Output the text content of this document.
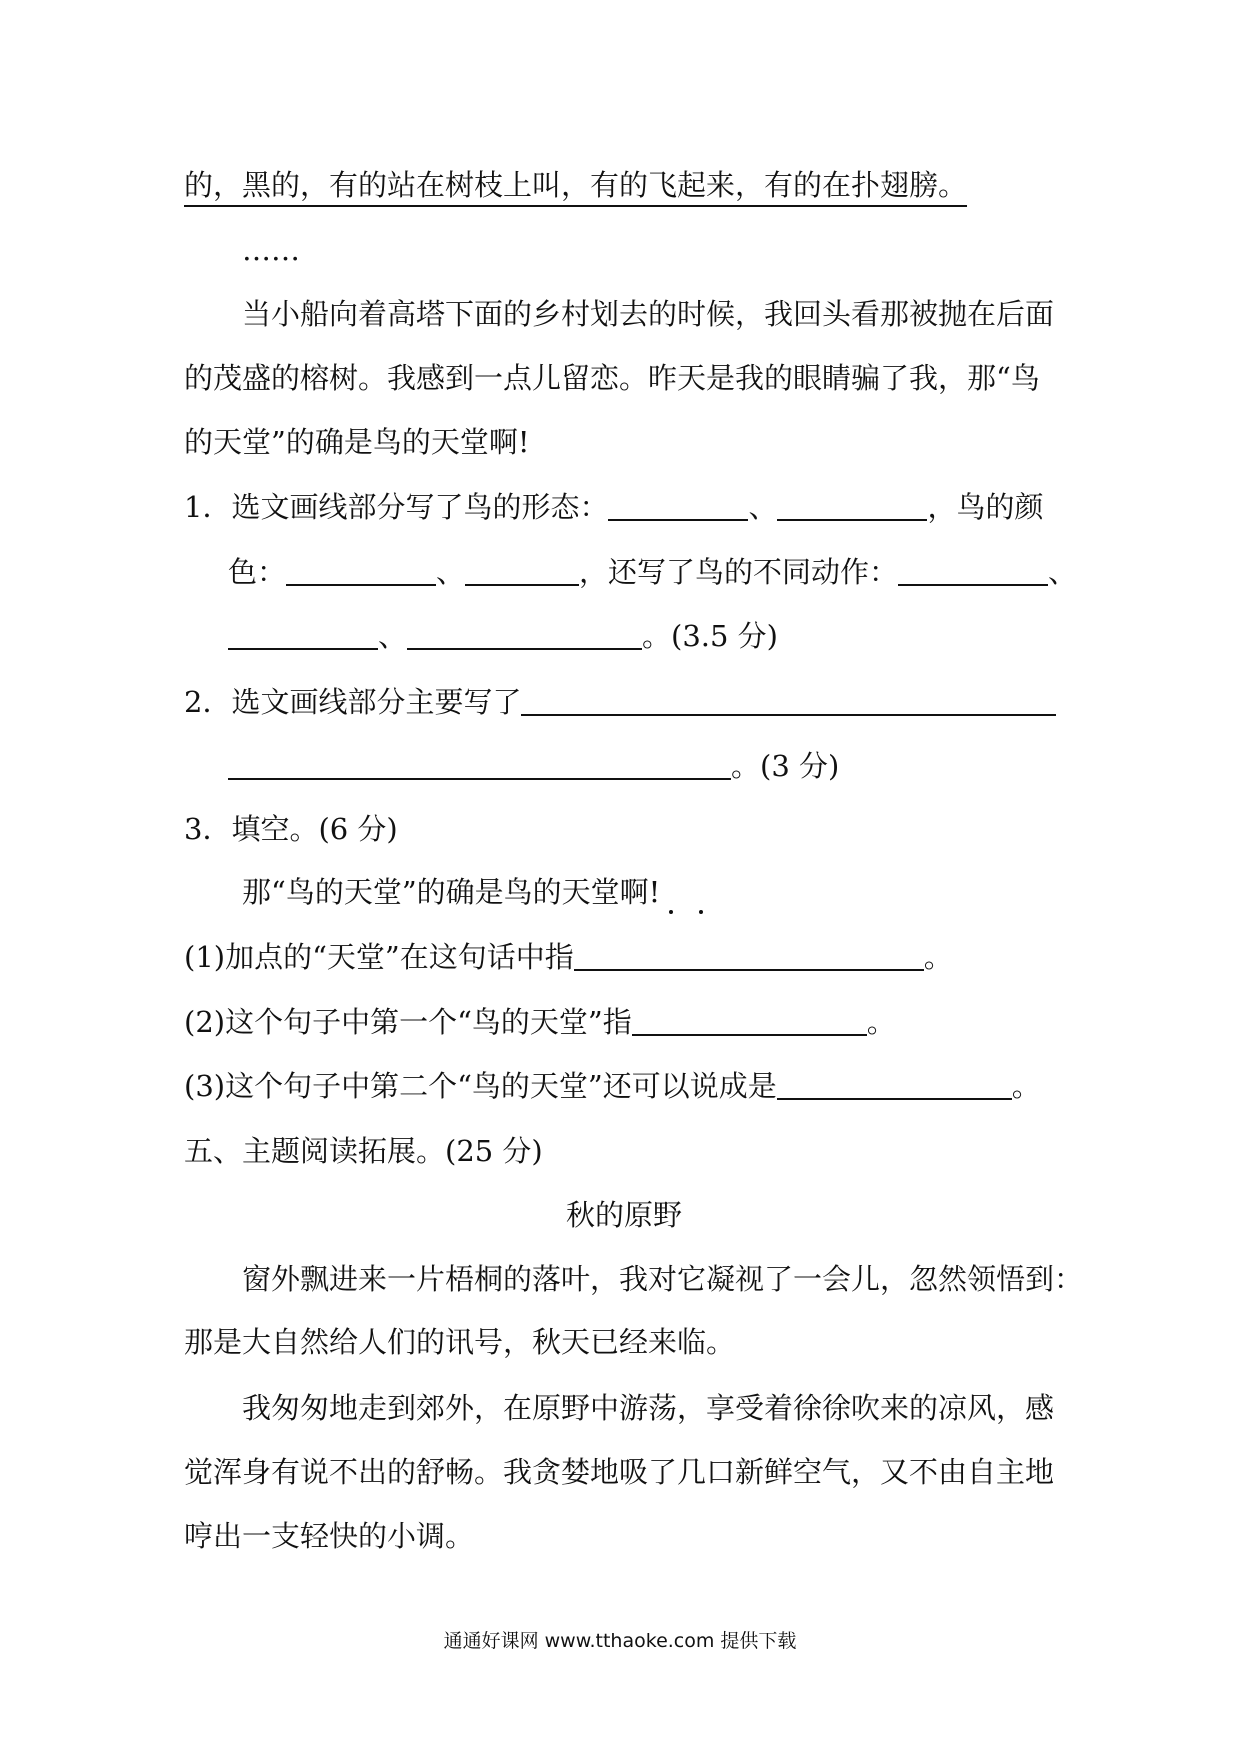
的，黑的，有的站在树枝上叫，有的飞起来，有的在扑翅膀。
……
当小船向着高塔下面的乡村划去的时候，我回头看那被抛在后面
的茂盛的榕树。我感到一点儿留恋。昨天是我的眼睛骗了我，那“鸟
的天堂”的确是鸟的天堂啊!
1．选文画线部分写了鸟的形态：	、	，鸟的颜
色：	、	，还写了鸟的不同动作：	、
、	。(3.5 分)
2．选文画线部分主要写了
。(3 分)
3．填空。(6 分)
那“鸟的天堂”的确是鸟的天堂啊!
(1)加点的“天堂”在这句话中指	。
(2)这个句子中第一个“鸟的天堂”指	。
(3)这个句子中第二个“鸟的天堂”还可以说成是	。
五、主题阅读拓展。(25 分)
秋的原野
窗外飘进来一片梧桐的落叶，我对它凝视了一会儿，忽然领悟到：
那是大自然给人们的讯号，秋天已经来临。
我匆匆地走到郊外，在原野中游荡，享受着徐徐吹来的凉风，感
觉浑身有说不出的舒畅。我贪婪地吸了几口新鲜空气，又不由自主地
哼出一支轻快的小调。
通通好课网 www.tthaoke.com 提供下载
